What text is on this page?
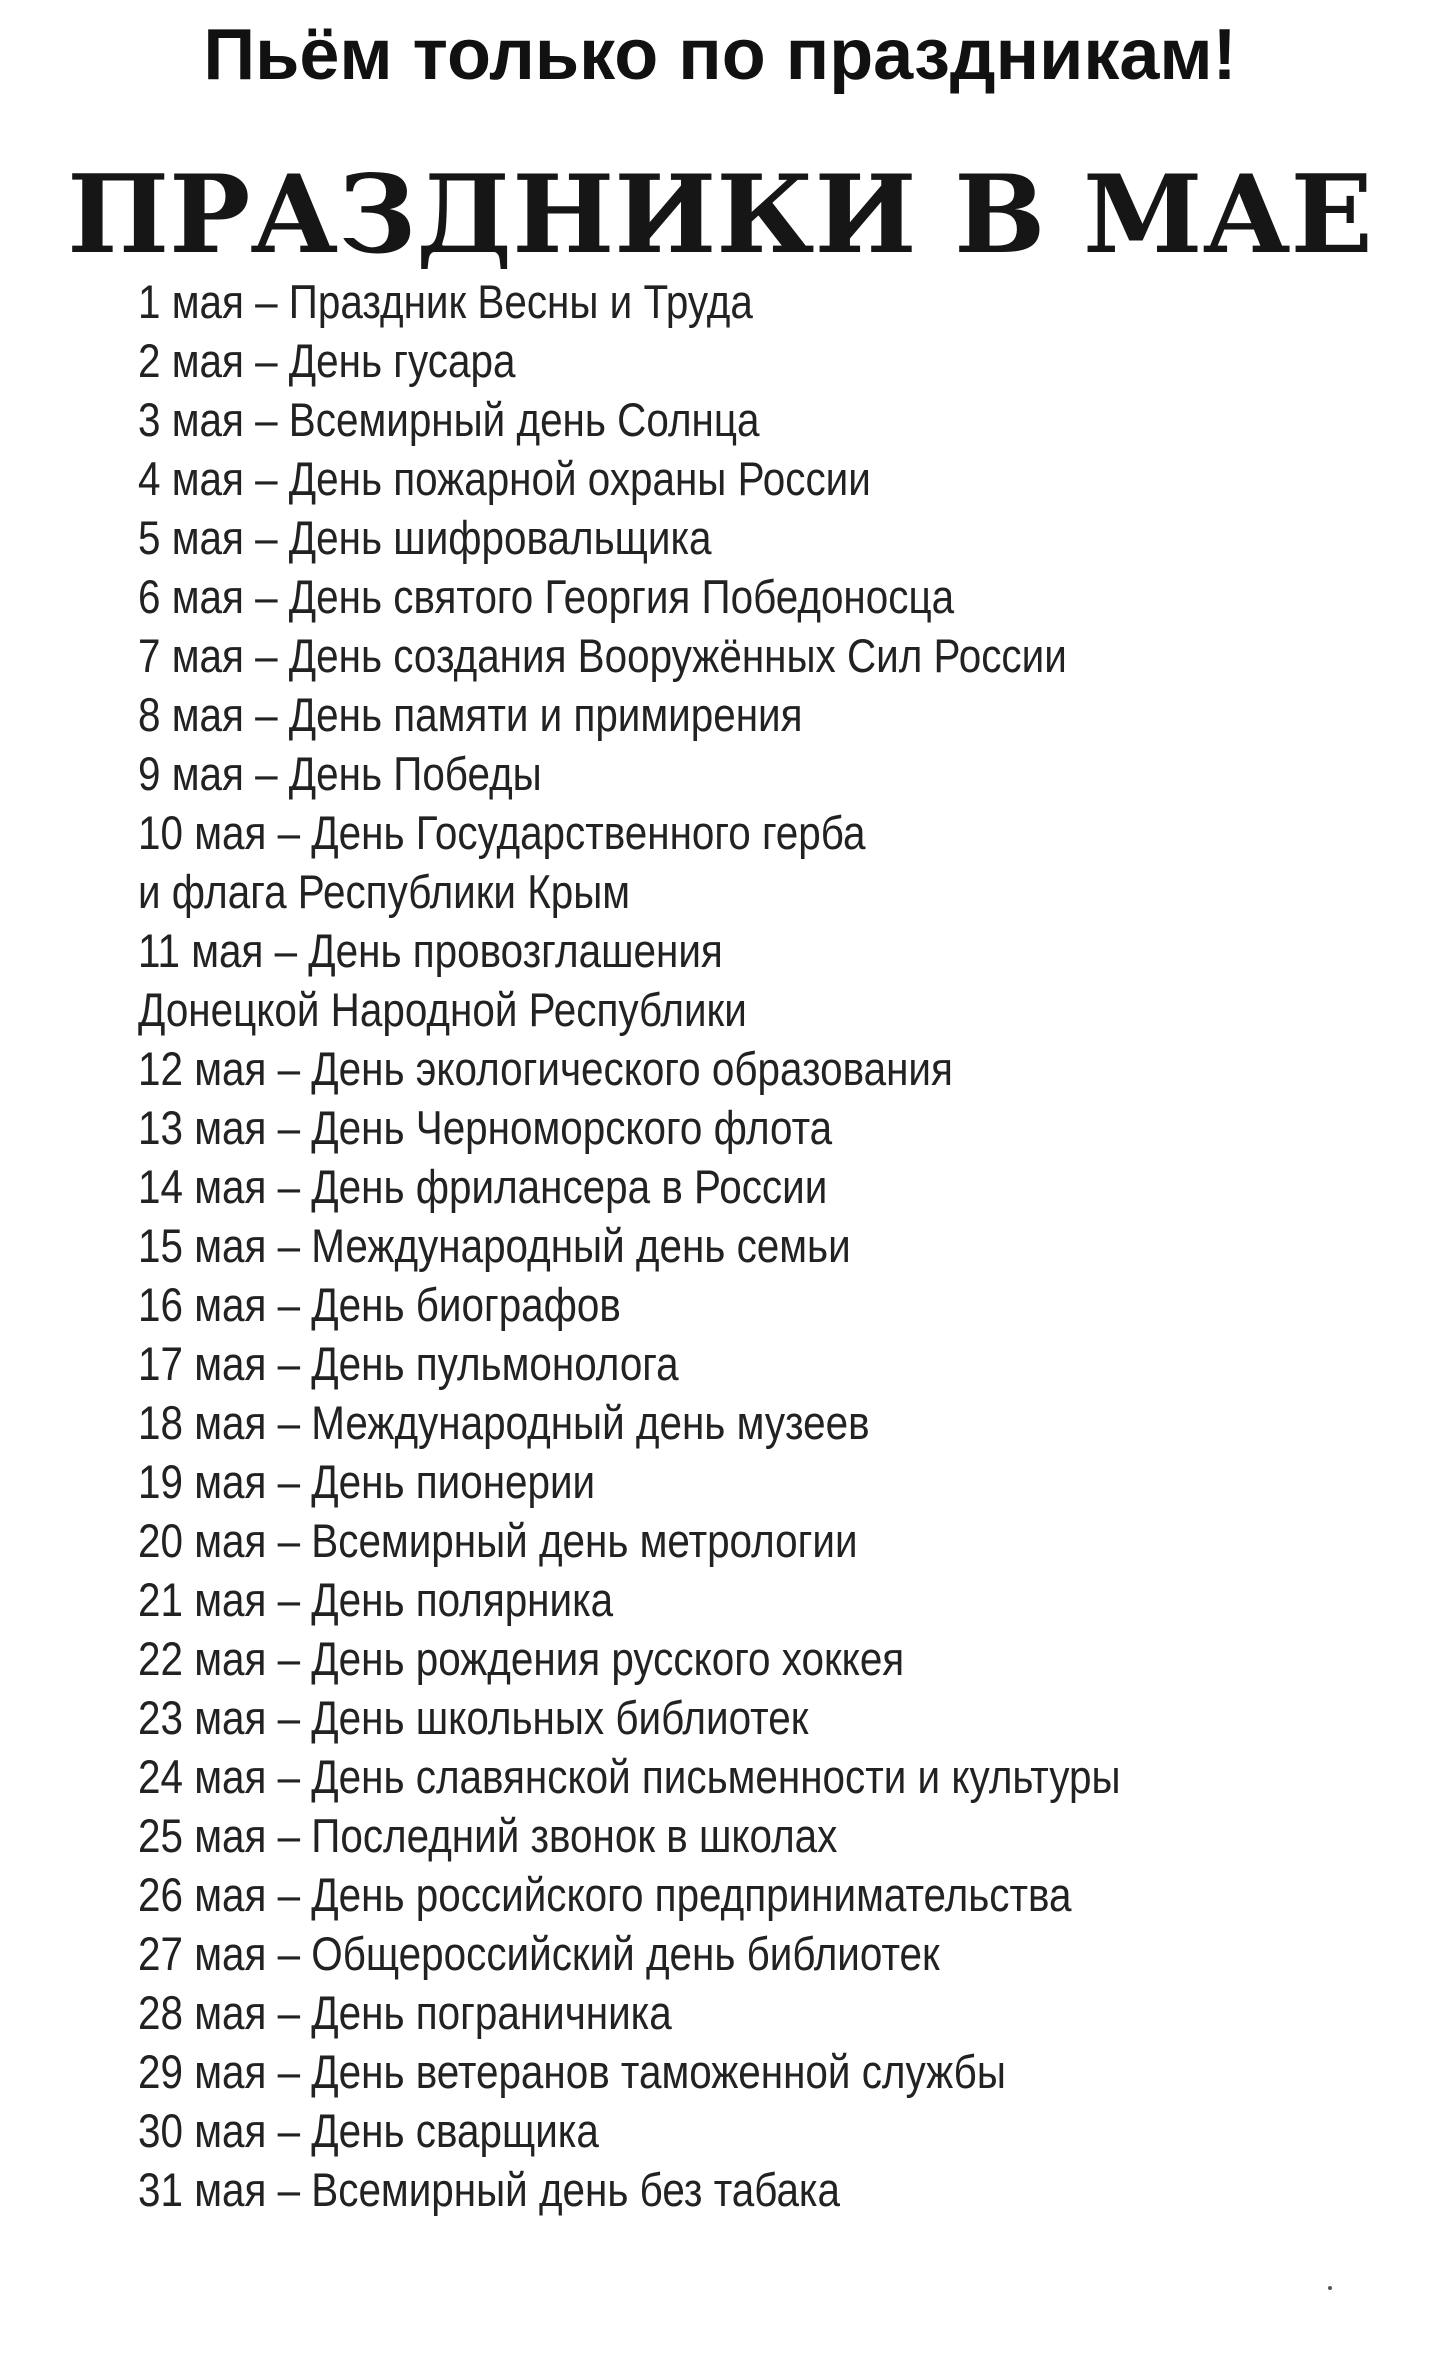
Пьём только по праздникам!
ПРАЗДНИКИ В МАЕ
1 мая – Праздник Весны и Труда
2 мая – День гусара
3 мая – Всемирный день Солнца
4 мая – День пожарной охраны России
5 мая – День шифровальщика
6 мая – День святого Георгия Победоносца
7 мая – День создания Вооружённых Сил России
8 мая – День памяти и примирения
9 мая – День Победы
10 мая – День Государственного герба
и флага Республики Крым
11 мая – День провозглашения
Донецкой Народной Республики
12 мая – День экологического образования
13 мая – День Черноморского флота
14 мая – День фрилансера в России
15 мая – Международный день семьи
16 мая – День биографов
17 мая – День пульмонолога
18 мая – Международный день музеев
19 мая – День пионерии
20 мая – Всемирный день метрологии
21 мая – День полярника
22 мая – День рождения русского хоккея
23 мая – День школьных библиотек
24 мая – День славянской письменности и культуры
25 мая – Последний звонок в школах
26 мая – День российского предпринимательства
27 мая – Общероссийский день библиотек
28 мая – День пограничника
29 мая – День ветеранов таможенной службы
30 мая – День сварщика
31 мая – Всемирный день без табака
